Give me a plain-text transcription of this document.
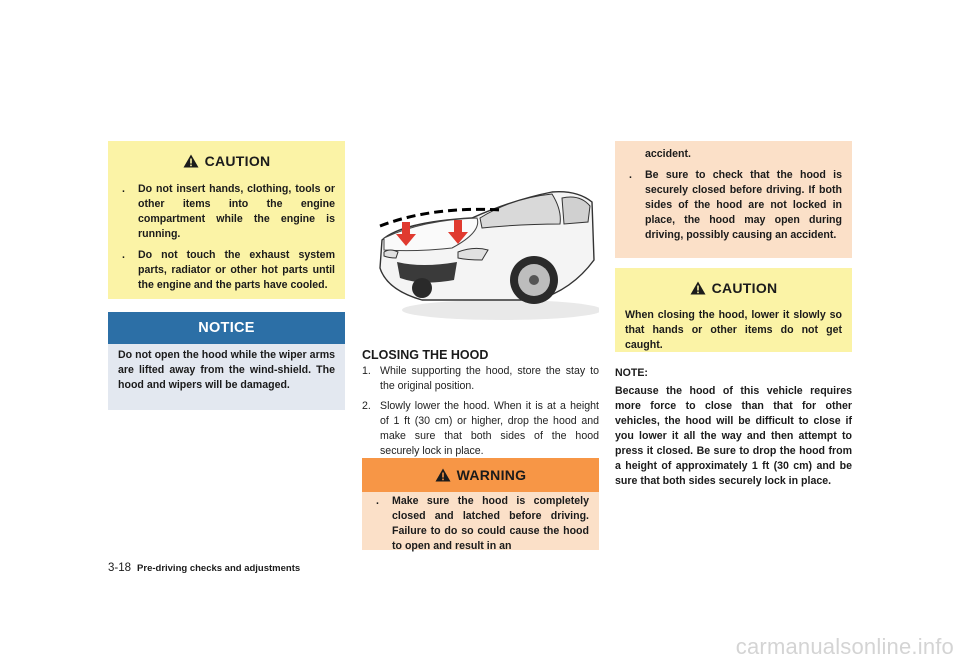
CAUTION
. Do not insert hands, clothing, tools or other items into the engine compartment while the engine is running.
. Do not touch the exhaust system parts, radiator or other hot parts until the engine and the parts have cooled.
NOTICE
Do not open the hood while the wiper arms are lifted away from the wind-shield. The hood and wipers will be damaged.
CLOSING THE HOOD
1. While supporting the hood, store the stay to the original position.
2. Slowly lower the hood. When it is at a height of 1 ft (30 cm) or higher, drop the hood and make sure that both sides of the hood securely lock in place.
WARNING
. Make sure the hood is completely closed and latched before driving. Failure to do so could cause the hood to open and result in an
accident.
. Be sure to check that the hood is securely closed before driving. If both sides of the hood are not locked in place, the hood may open during driving, possibly causing an accident.
CAUTION
When closing the hood, lower it slowly so that hands or other items do not get caught.
NOTE:
Because the hood of this vehicle requires more force to close than that for other vehicles, the hood will be difficult to close if you lower it all the way and then attempt to press it closed. Be sure to drop the hood from a height of approximately 1 ft (30 cm) and be sure that both sides securely lock in place.
3-18 Pre-driving checks and adjustments
carmanualsonline.info
